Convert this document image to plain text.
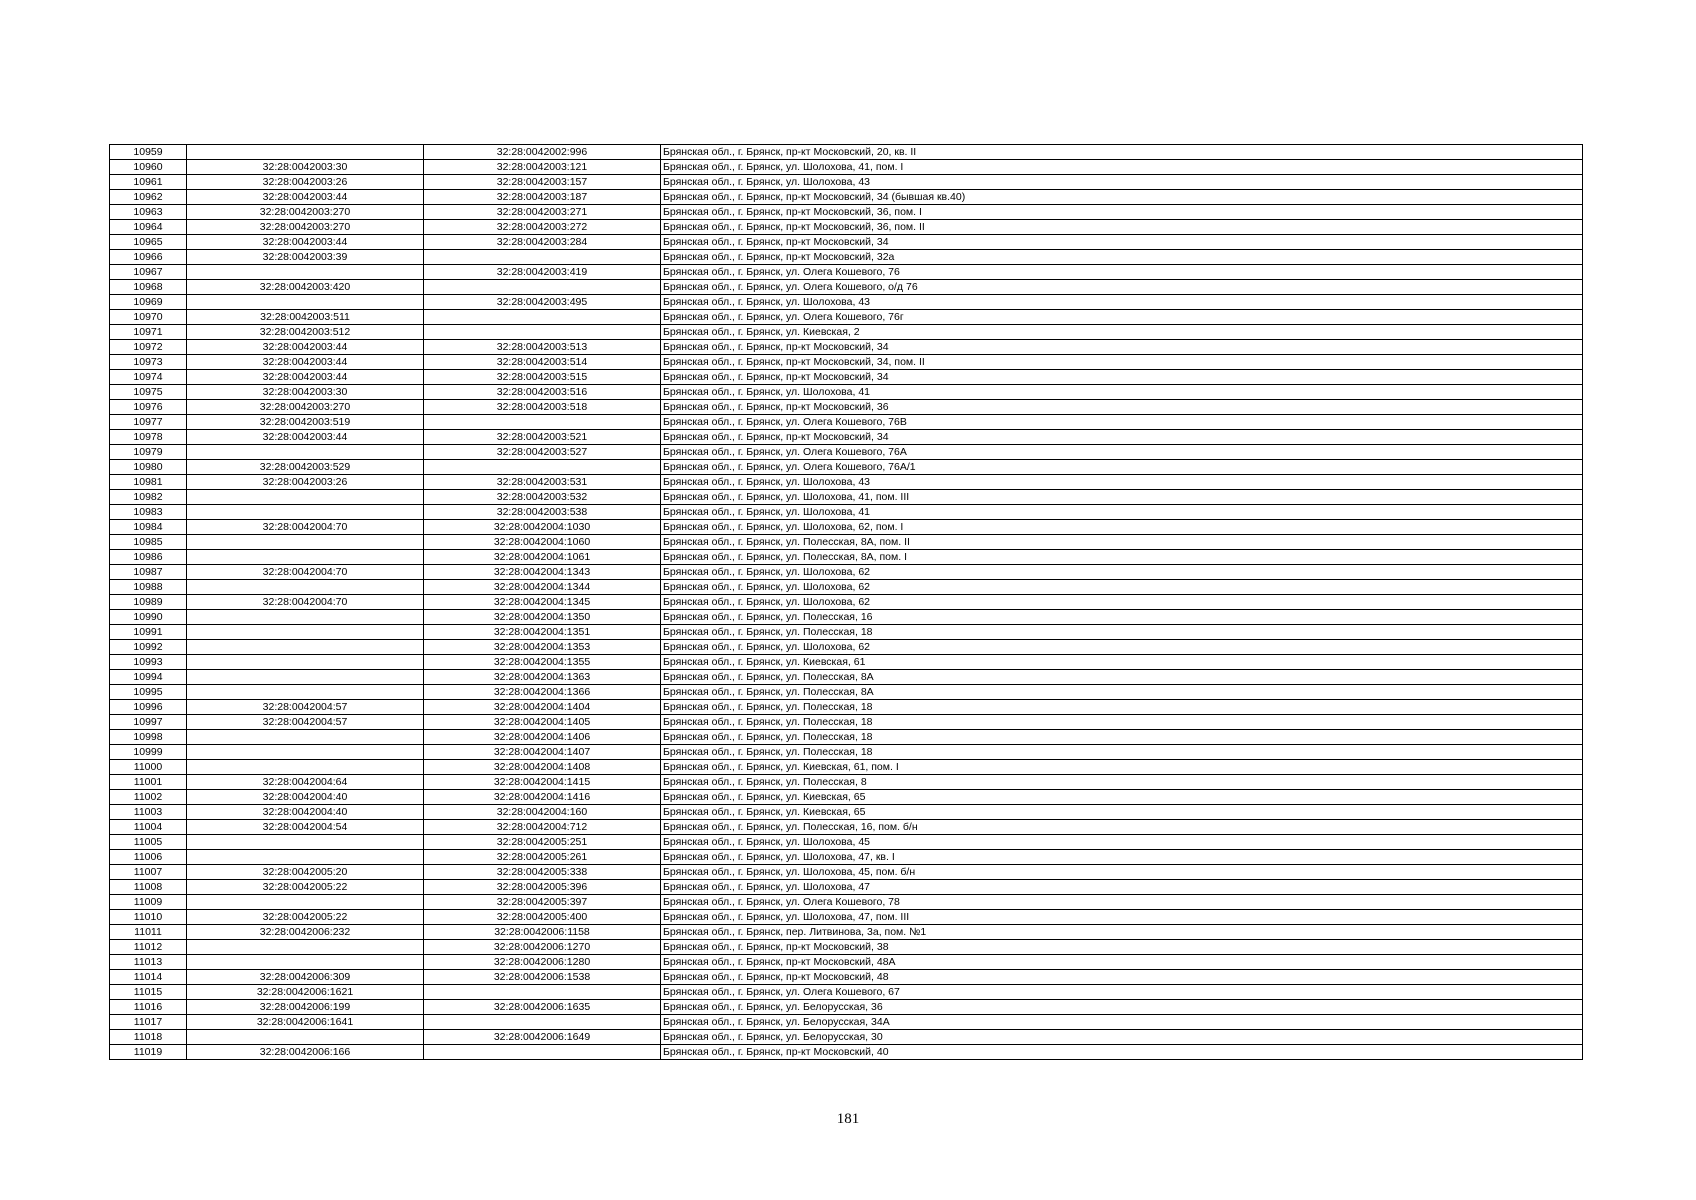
10959		32:28:0042002:996	Брянская обл., г. Брянск, пр-кт Московский, 20, кв. II
10960	32:28:0042003:30	32:28:0042003:121	Брянская обл., г. Брянск, ул. Шолохова, 41, пом. I
10961	32:28:0042003:26	32:28:0042003:157	Брянская обл., г. Брянск, ул. Шолохова, 43
10962	32:28:0042003:44	32:28:0042003:187	Брянская обл., г. Брянск, пр-кт Московский, 34 (бывшая кв.40)
10963	32:28:0042003:270	32:28:0042003:271	Брянская обл., г. Брянск, пр-кт Московский, 36, пом. I
10964	32:28:0042003:270	32:28:0042003:272	Брянская обл., г. Брянск, пр-кт Московский, 36, пом. II
10965	32:28:0042003:44	32:28:0042003:284	Брянская обл., г. Брянск, пр-кт Московский, 34
10966	32:28:0042003:39		Брянская обл., г. Брянск, пр-кт Московский, 32а
10967		32:28:0042003:419	Брянская обл., г. Брянск, ул. Олега Кошевого, 76
10968	32:28:0042003:420		Брянская обл., г. Брянск, ул. Олега Кошевого, о/д 76
10969		32:28:0042003:495	Брянская обл., г. Брянск, ул. Шолохова, 43
10970	32:28:0042003:511		Брянская обл., г. Брянск, ул. Олега Кошевого, 76г
10971	32:28:0042003:512		Брянская обл., г. Брянск, ул. Киевская, 2
10972	32:28:0042003:44	32:28:0042003:513	Брянская обл., г. Брянск, пр-кт Московский, 34
10973	32:28:0042003:44	32:28:0042003:514	Брянская обл., г. Брянск, пр-кт Московский, 34, пом. II
10974	32:28:0042003:44	32:28:0042003:515	Брянская обл., г. Брянск, пр-кт Московский, 34
10975	32:28:0042003:30	32:28:0042003:516	Брянская обл., г. Брянск, ул. Шолохова, 41
10976	32:28:0042003:270	32:28:0042003:518	Брянская обл., г. Брянск, пр-кт Московский, 36
10977	32:28:0042003:519		Брянская обл., г. Брянск, ул. Олега Кошевого, 76В
10978	32:28:0042003:44	32:28:0042003:521	Брянская обл., г. Брянск, пр-кт Московский, 34
10979		32:28:0042003:527	Брянская обл., г. Брянск, ул. Олега Кошевого, 76А
10980	32:28:0042003:529		Брянская обл., г. Брянск, ул. Олега Кошевого, 76А/1
10981	32:28:0042003:26	32:28:0042003:531	Брянская обл., г. Брянск, ул. Шолохова, 43
10982		32:28:0042003:532	Брянская обл., г. Брянск, ул. Шолохова, 41, пом. III
10983		32:28:0042003:538	Брянская обл., г. Брянск, ул. Шолохова, 41
10984	32:28:0042004:70	32:28:0042004:1030	Брянская обл., г. Брянск, ул. Шолохова, 62, пом. I
10985		32:28:0042004:1060	Брянская обл., г. Брянск, ул. Полесская, 8А, пом. II
10986		32:28:0042004:1061	Брянская обл., г. Брянск, ул. Полесская, 8А, пом. I
10987	32:28:0042004:70	32:28:0042004:1343	Брянская обл., г. Брянск, ул. Шолохова, 62
10988		32:28:0042004:1344	Брянская обл., г. Брянск, ул. Шолохова, 62
10989	32:28:0042004:70	32:28:0042004:1345	Брянская обл., г. Брянск, ул. Шолохова, 62
10990		32:28:0042004:1350	Брянская обл., г. Брянск, ул. Полесская, 16
10991		32:28:0042004:1351	Брянская обл., г. Брянск, ул. Полесская, 18
10992		32:28:0042004:1353	Брянская обл., г. Брянск, ул. Шолохова, 62
10993		32:28:0042004:1355	Брянская обл., г. Брянск, ул. Киевская, 61
10994		32:28:0042004:1363	Брянская обл., г. Брянск, ул. Полесская, 8А
10995		32:28:0042004:1366	Брянская обл., г. Брянск, ул. Полесская, 8А
10996	32:28:0042004:57	32:28:0042004:1404	Брянская обл., г. Брянск, ул. Полесская, 18
10997	32:28:0042004:57	32:28:0042004:1405	Брянская обл., г. Брянск, ул. Полесская, 18
10998		32:28:0042004:1406	Брянская обл., г. Брянск, ул. Полесская, 18
10999		32:28:0042004:1407	Брянская обл., г. Брянск, ул. Полесская, 18
11000		32:28:0042004:1408	Брянская обл., г. Брянск, ул. Киевская, 61, пом. I
11001	32:28:0042004:64	32:28:0042004:1415	Брянская обл., г. Брянск, ул. Полесская, 8
11002	32:28:0042004:40	32:28:0042004:1416	Брянская обл., г. Брянск, ул. Киевская, 65
11003	32:28:0042004:40	32:28:0042004:160	Брянская обл., г. Брянск, ул. Киевская, 65
11004	32:28:0042004:54	32:28:0042004:712	Брянская обл., г. Брянск, ул. Полесская, 16, пом. б/н
11005		32:28:0042005:251	Брянская обл., г. Брянск, ул. Шолохова, 45
11006		32:28:0042005:261	Брянская обл., г. Брянск, ул. Шолохова, 47, кв. I
11007	32:28:0042005:20	32:28:0042005:338	Брянская обл., г. Брянск, ул. Шолохова, 45, пом. б/н
11008	32:28:0042005:22	32:28:0042005:396	Брянская обл., г. Брянск, ул. Шолохова, 47
11009		32:28:0042005:397	Брянская обл., г. Брянск, ул. Олега Кошевого, 78
11010	32:28:0042005:22	32:28:0042005:400	Брянская обл., г. Брянск, ул. Шолохова, 47, пом. III
11011	32:28:0042006:232	32:28:0042006:1158	Брянская обл., г. Брянск, пер. Литвинова, 3а, пом. №1
11012		32:28:0042006:1270	Брянская обл., г. Брянск, пр-кт Московский, 38
11013		32:28:0042006:1280	Брянская обл., г. Брянск, пр-кт Московский, 48А
11014	32:28:0042006:309	32:28:0042006:1538	Брянская обл., г. Брянск, пр-кт Московский, 48
11015	32:28:0042006:1621		Брянская обл., г. Брянск, ул. Олега Кошевого, 67
11016	32:28:0042006:199	32:28:0042006:1635	Брянская обл., г. Брянск, ул. Белорусская, 36
11017	32:28:0042006:1641		Брянская обл., г. Брянск, ул. Белорусская, 34А
11018		32:28:0042006:1649	Брянская обл., г. Брянск, ул. Белорусская, 30
11019	32:28:0042006:166		Брянская обл., г. Брянск, пр-кт Московский, 40
181
